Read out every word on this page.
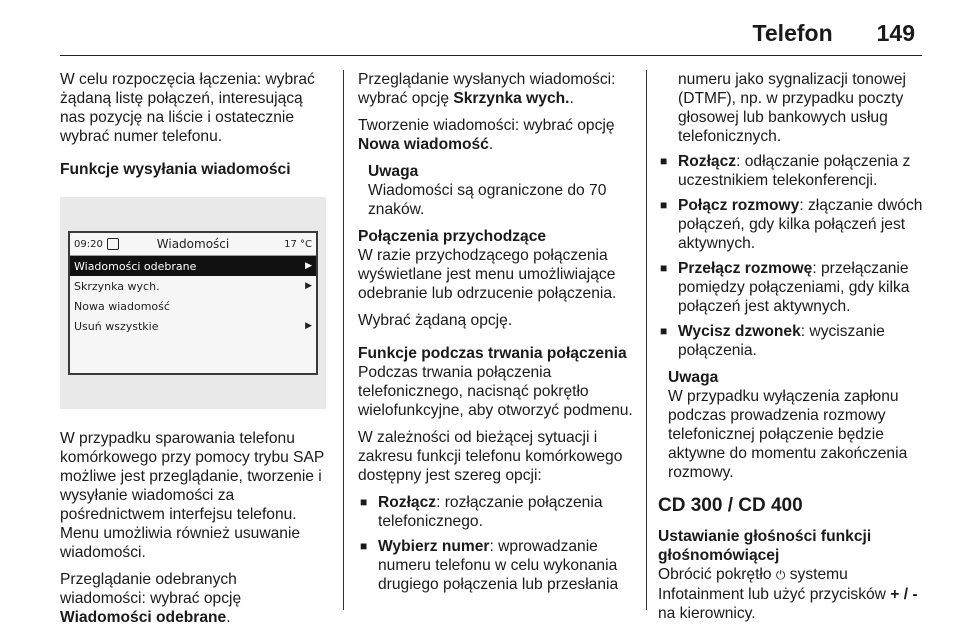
Telefon 149

W celu rozpoczęcia łączenia: wybrać żądaną listę połączeń, interesującą nas pozycję na liście i ostatecznie wybrać numer telefonu.

Funkcje wysyłania wiadomości

09:20	Wiadomości	17 °C
Wiadomości odebrane	▶
Skrzynka wych.	▶
Nowa wiadomość
Usuń wszystkie	▶

W przypadku sparowania telefonu komórkowego przy pomocy trybu SAP możliwe jest przeglądanie, tworzenie i wysyłanie wiadomości za pośrednictwem interfejsu telefonu. Menu umożliwia również usuwanie wiadomości.

Przeglądanie odebranych wiadomości: wybrać opcję
Wiadomości odebrane.

Przeglądanie wysłanych wiadomości: wybrać opcję Skrzynka wych..

Tworzenie wiadomości: wybrać opcję
Nowa wiadomość.

Uwaga
Wiadomości są ograniczone do 70 znaków.

Połączenia przychodzące

W razie przychodzącego połączenia wyświetlane jest menu umożliwiające odebranie lub odrzucenie połączenia.

Wybrać żądaną opcję.

Funkcje podczas trwania połączenia

Podczas trwania połączenia telefonicznego, nacisnąć pokrętło wielofunkcyjne, aby otworzyć podmenu.

W zależności od bieżącej sytuacji i zakresu funkcji telefonu komórkowego dostępny jest szereg opcji:

■ Rozłącz: rozłączanie połączenia telefonicznego.
■ Wybierz numer: wprowadzanie numeru telefonu w celu wykonania drugiego połączenia lub przesłania
numeru jako sygnalizacji tonowej (DTMF), np. w przypadku poczty głosowej lub bankowych usług telefonicznych.
■ Rozłącz: odłączanie połączenia z uczestnikiem telekonferencji.
■ Połącz rozmowy: złączanie dwóch połączeń, gdy kilka połączeń jest aktywnych.
■ Przełącz rozmowę: przełączanie pomiędzy połączeniami, gdy kilka połączeń jest aktywnych.
■ Wycisz dzwonek: wyciszanie połączenia.
Uwaga
W przypadku wyłączenia zapłonu podczas prowadzenia rozmowy telefonicznej połączenie będzie aktywne do momentu zakończenia rozmowy.
CD 300 / CD 400

Ustawianie głośności funkcji głośnomówiącej

Obrócić pokrętło ⏻ systemu Infotainment lub użyć przycisków + / - na kierownicy.
